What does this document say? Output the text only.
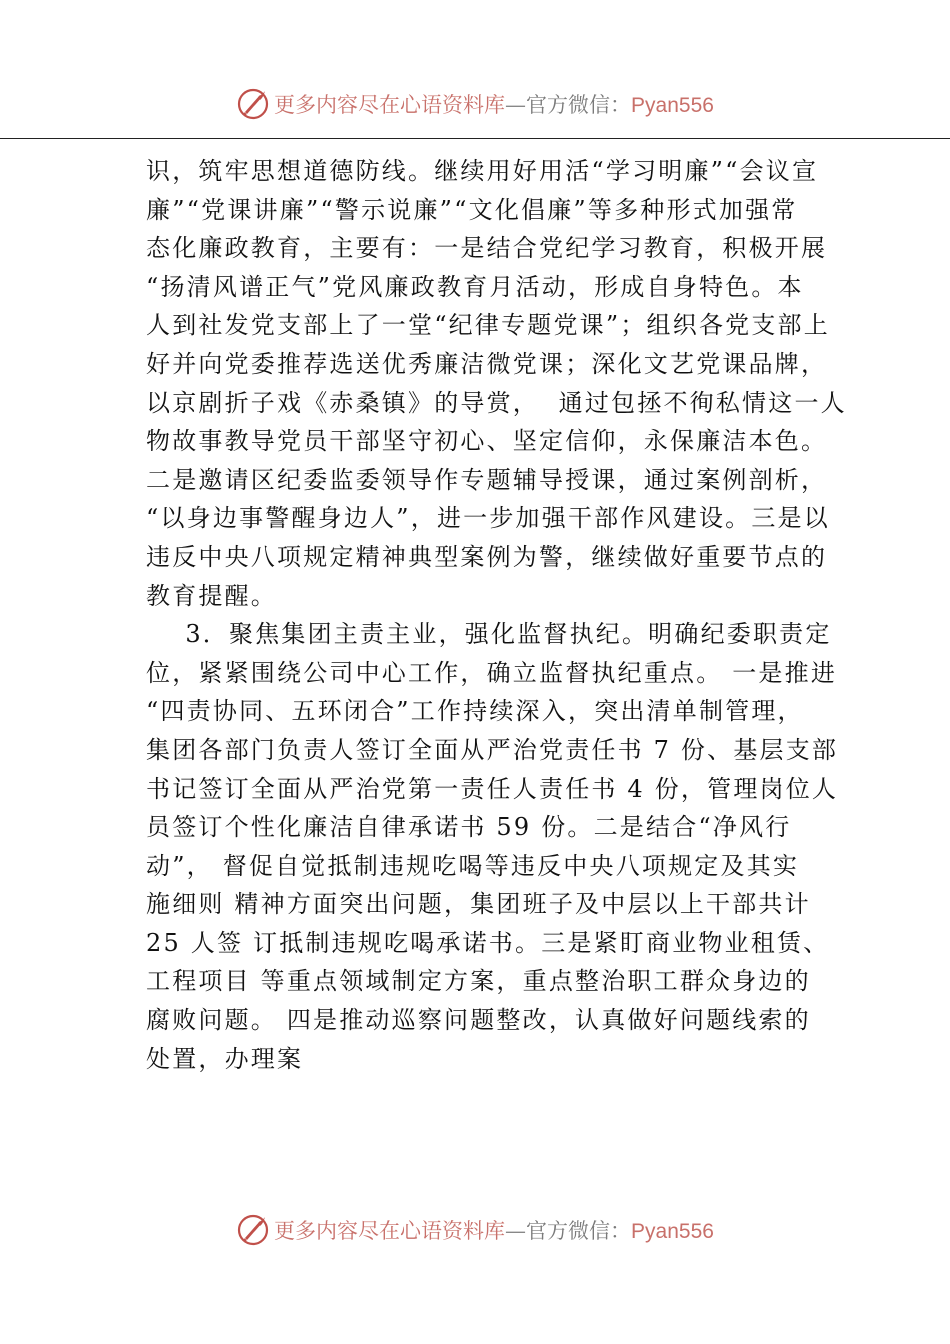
更多内容尽在心语资料库—官方微信：Pyan556
识，筑牢思想道德防线。继续用好用活“学习明廉”“会议宣
廉”“党课讲廉”“警示说廉”“文化倡廉”等多种形式加强常
态化廉政教育，主要有：一是结合党纪学习教育，积极开展
“扬清风谱正气”党风廉政教育月活动，形成自身特色。本
人到社发党支部上了一堂“纪律专题党课”；组织各党支部上
好并向党委推荐选送优秀廉洁微党课；深化文艺党课品牌，
以京剧折子戏《赤桑镇》的导赏，  通过包拯不徇私情这一人
物故事教导党员干部坚守初心、坚定信仰，永保廉洁本色。
二是邀请区纪委监委领导作专题辅导授课，通过案例剖析，
“以身边事警醒身边人”，进一步加强干部作风建设。三是以
违反中央八项规定精神典型案例为警，继续做好重要节点的
教育提醒。
3．聚焦集团主责主业，强化监督执纪。明确纪委职责定
位，紧紧围绕公司中心工作，确立监督执纪重点。 一是推进
“四责协同、五环闭合”工作持续深入，突出清单制管理，
集团各部门负责人签订全面从严治党责任书 7 份、基层支部
书记签订全面从严治党第一责任人责任书 4 份，管理岗位人
员签订个性化廉洁自律承诺书 59 份。二是结合“净风行
动”， 督促自觉抵制违规吃喝等违反中央八项规定及其实
施细则 精神方面突出问题，集团班子及中层以上干部共计
25 人签 订抵制违规吃喝承诺书。三是紧盯商业物业租赁、
工程项目 等重点领域制定方案，重点整治职工群众身边的
腐败问题。 四是推动巡察问题整改，认真做好问题线索的
处置，办理案
更多内容尽在心语资料库—官方微信：Pyan556
